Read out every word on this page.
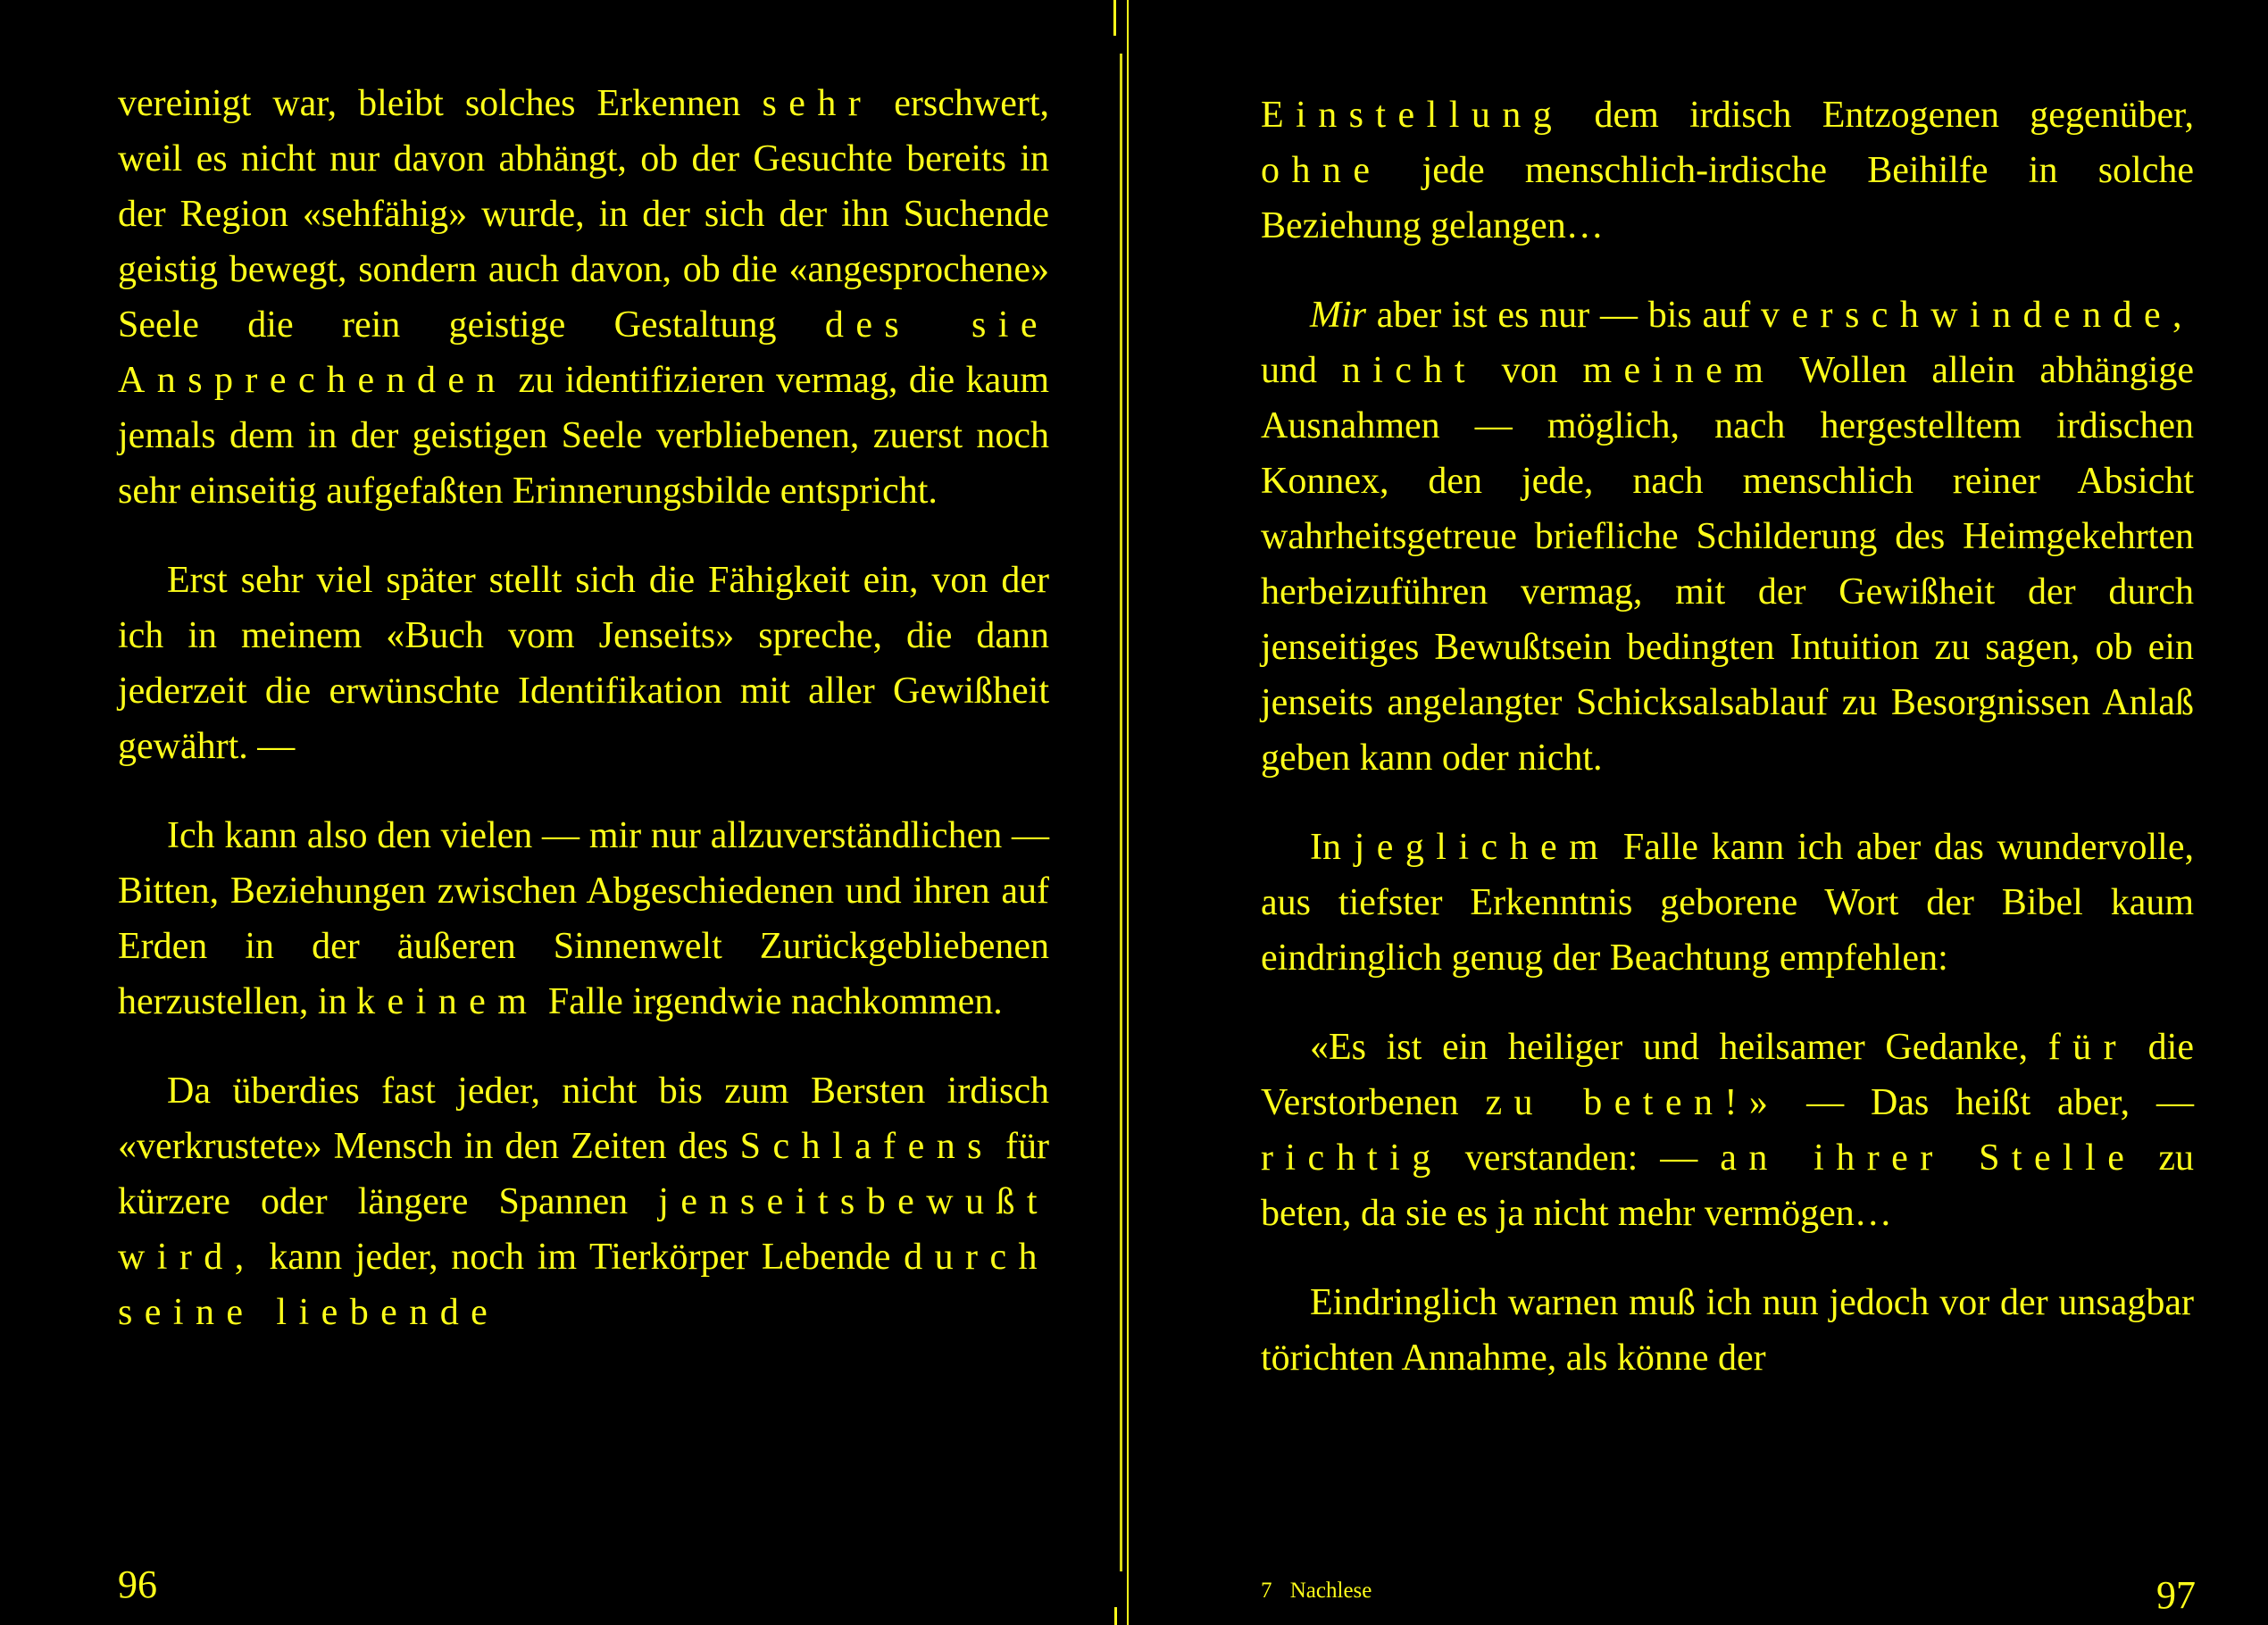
vereinigt war, bleibt solches Erkennen sehr erschwert, weil es nicht nur davon abhängt, ob der Gesuchte bereits in der Region «sehfähig» wurde, in der sich der ihn Suchende geistig bewegt, sondern auch davon, ob die «angesprochene» Seele die rein geistige Gestaltung des sie Ansprechenden zu identifizieren vermag, die kaum jemals dem in der geistigen Seele verbliebenen, zuerst noch sehr einseitig aufgefaßten Erinnerungsbilde entspricht.

Erst sehr viel später stellt sich die Fähigkeit ein, von der ich in meinem «Buch vom Jenseits» spreche, die dann jederzeit die erwünschte Identifikation mit aller Gewißheit gewährt. —

Ich kann also den vielen — mir nur allzuverständlichen — Bitten, Beziehungen zwischen Abgeschiedenen und ihren auf Erden in der äußeren Sinnenwelt Zurückgebliebenen herzustellen, in keinem Falle irgendwie nachkommen.

Da überdies fast jeder, nicht bis zum Bersten irdisch «verkrustete» Mensch in den Zeiten des Schlafens für kürzere oder längere Spannen jenseitsbewußt wird, kann jeder, noch im Tierkörper Lebende durch seine liebende

96

Einstellung dem irdisch Entzogenen gegenüber, ohne jede menschlich-irdische Beihilfe in solche Beziehung gelangen…

Mir aber ist es nur — bis auf verschwindende, und nicht von meinem Wollen allein abhängige Ausnahmen — möglich, nach hergestelltem irdischen Konnex, den jede, nach menschlich reiner Absicht wahrheitsgetreue briefliche Schilderung des Heimgekehrten herbeizuführen vermag, mit der Gewißheit der durch jenseitiges Bewußtsein bedingten Intuition zu sagen, ob ein jenseits angelangter Schicksalsablauf zu Besorgnissen Anlaß geben kann oder nicht.

In jeglichem Falle kann ich aber das wundervolle, aus tiefster Erkenntnis geborene Wort der Bibel kaum eindringlich genug der Beachtung empfehlen:

«Es ist ein heiliger und heilsamer Gedanke, für die Verstorbenen zu beten!» — Das heißt aber, — richtig verstanden: — an ihrer Stelle zu beten, da sie es ja nicht mehr vermögen…

Eindringlich warnen muß ich nun jedoch vor der unsagbar törichten Annahme, als könne der

7 Nachlese	97
